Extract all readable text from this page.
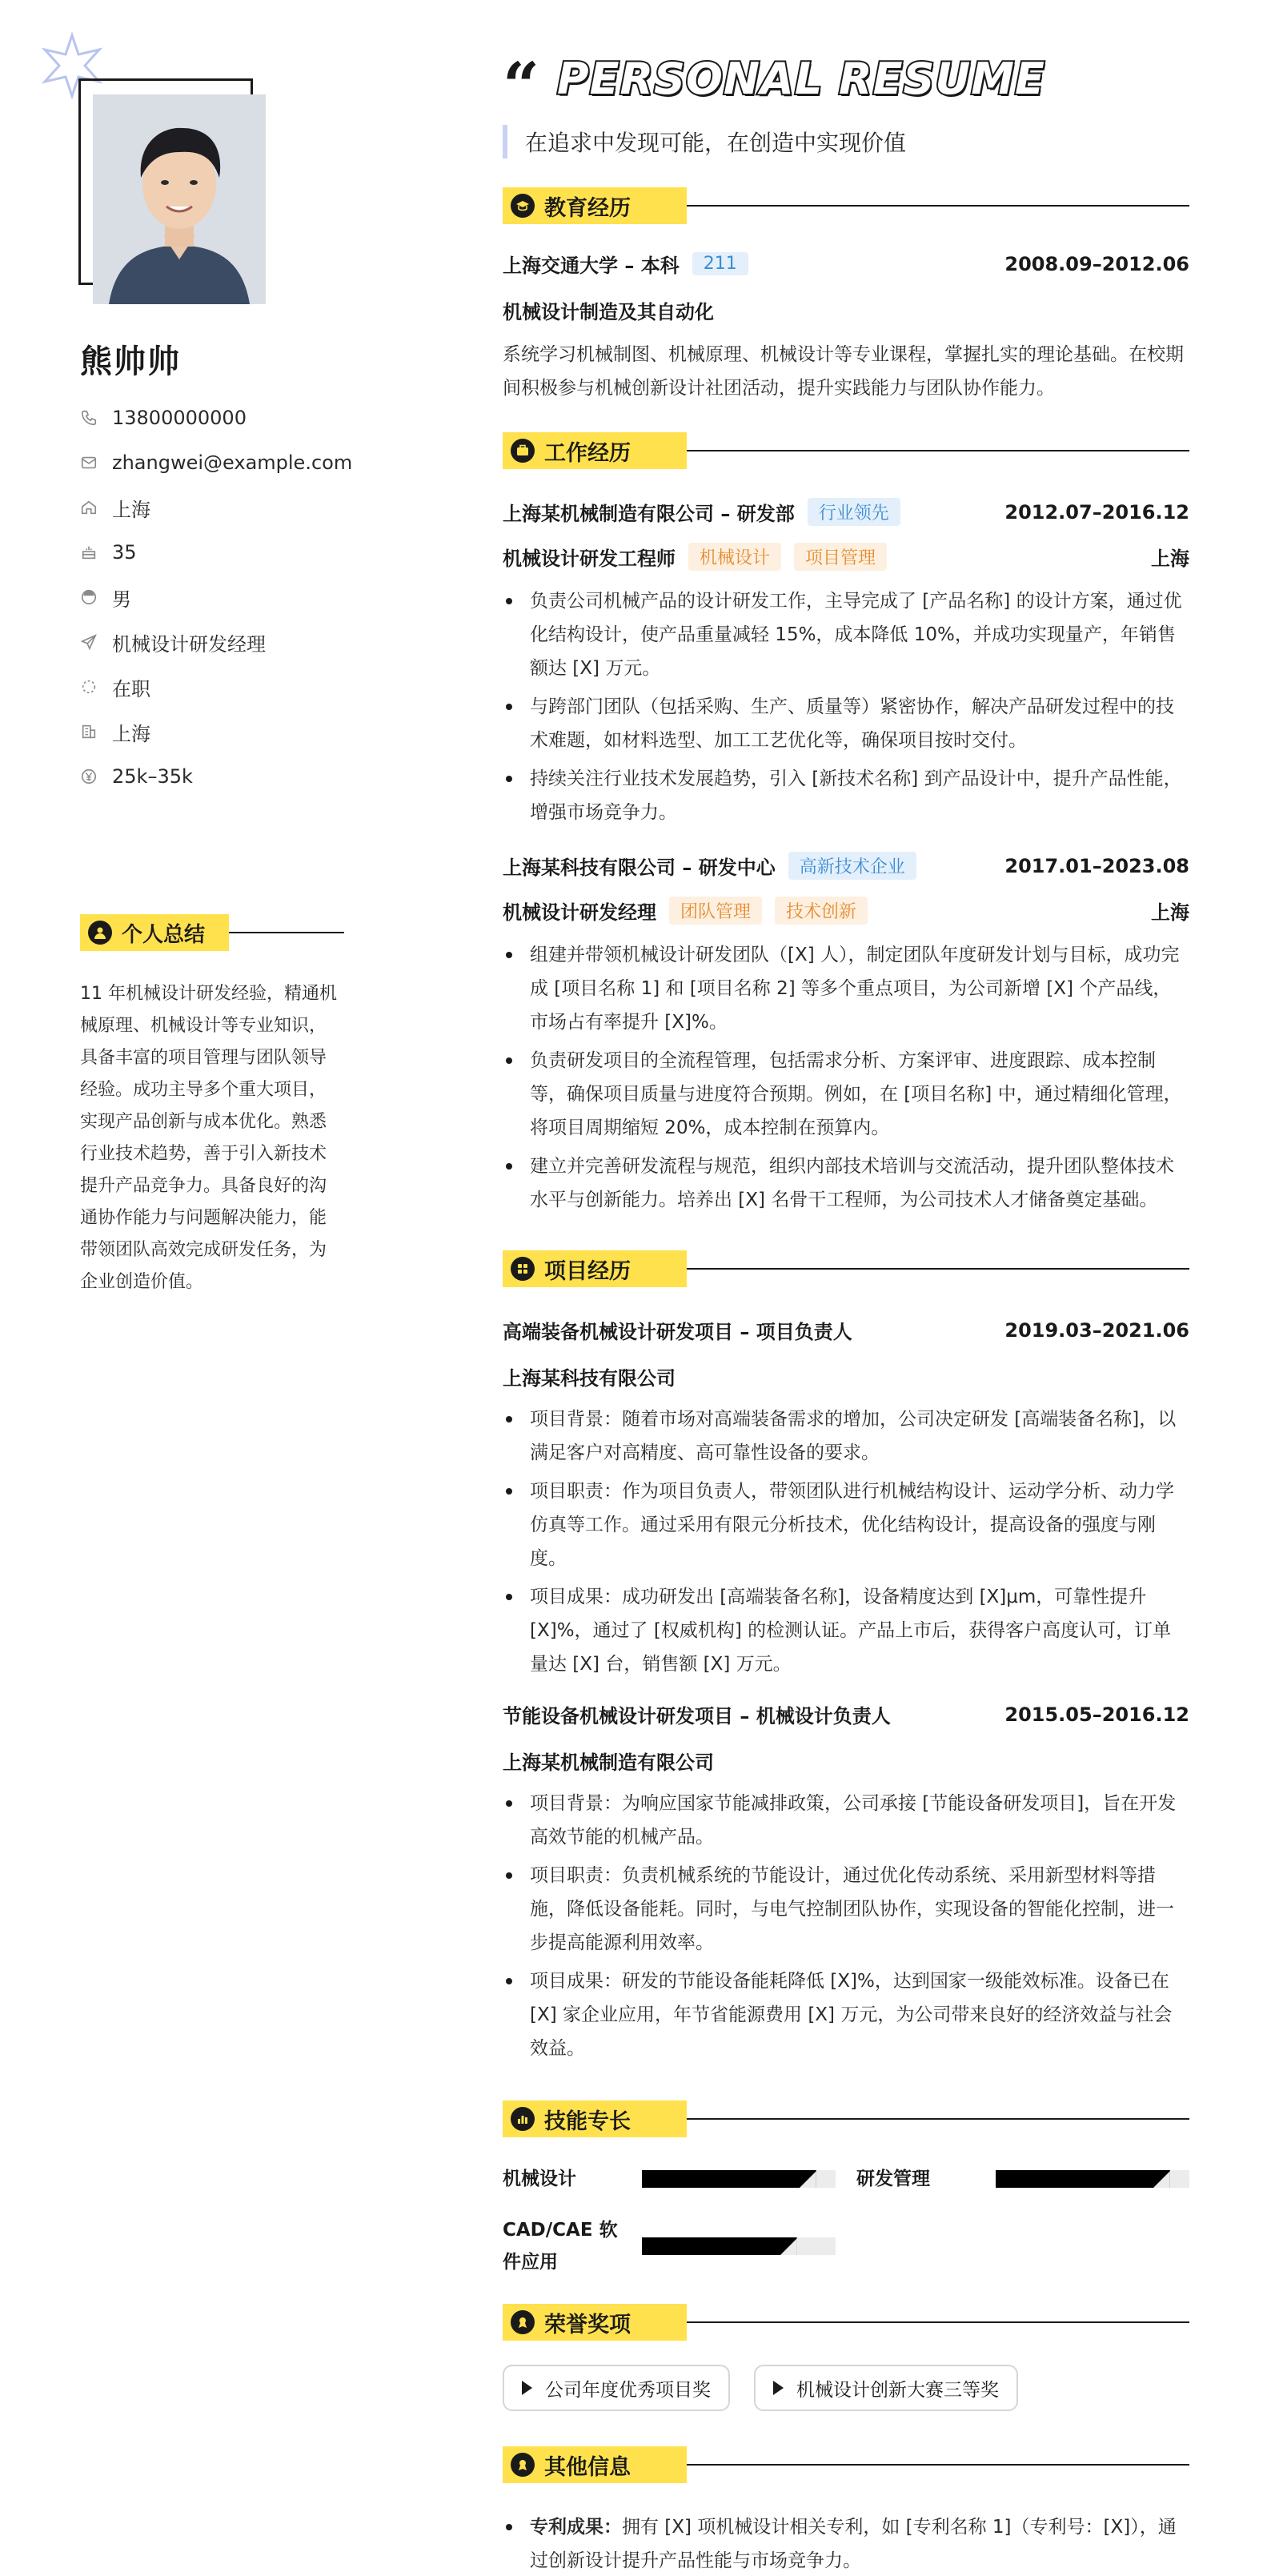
熊帅帅
13800000000
zhangwei@example.com
上海
35
男
机械设计研发经理
在职
上海
25k–35k
个人总结
11 年机械设计研发经验，精通机械原理、机械设计等专业知识，具备丰富的项目管理与团队领导经验。成功主导多个重大项目，实现产品创新与成本优化。熟悉行业技术趋势，善于引入新技术提升产品竞争力。具备良好的沟通协作能力与问题解决能力，能带领团队高效完成研发任务，为企业创造价值。
“ PERSONAL RESUME
在追求中发现可能，在创造中实现价值
教育经历
上海交通大学 – 本科	211	2008.09–2012.06
机械设计制造及其自动化
系统学习机械制图、机械原理、机械设计等专业课程，掌握扎实的理论基础。在校期间积极参与机械创新设计社团活动，提升实践能力与团队协作能力。
工作经历
上海某机械制造有限公司 – 研发部	行业领先	2012.07–2016.12
机械设计研发工程师	机械设计	项目管理	上海
负责公司机械产品的设计研发工作，主导完成了 [产品名称] 的设计方案，通过优化结构设计，使产品重量减轻 15%，成本降低 10%，并成功实现量产，年销售额达 [X] 万元。
与跨部门团队（包括采购、生产、质量等）紧密协作，解决产品研发过程中的技术难题，如材料选型、加工工艺优化等，确保项目按时交付。
持续关注行业技术发展趋势，引入 [新技术名称] 到产品设计中，提升产品性能，增强市场竞争力。
上海某科技有限公司 – 研发中心	高新技术企业	2017.01–2023.08
机械设计研发经理	团队管理	技术创新	上海
组建并带领机械设计研发团队（[X] 人），制定团队年度研发计划与目标，成功完成 [项目名称 1] 和 [项目名称 2] 等多个重点项目，为公司新增 [X] 个产品线，市场占有率提升 [X]%。
负责研发项目的全流程管理，包括需求分析、方案评审、进度跟踪、成本控制等，确保项目质量与进度符合预期。例如，在 [项目名称] 中，通过精细化管理，将项目周期缩短 20%，成本控制在预算内。
建立并完善研发流程与规范，组织内部技术培训与交流活动，提升团队整体技术水平与创新能力。培养出 [X] 名骨干工程师，为公司技术人才储备奠定基础。
项目经历
高端装备机械设计研发项目 – 项目负责人	2019.03–2021.06
上海某科技有限公司
项目背景：随着市场对高端装备需求的增加，公司决定研发 [高端装备名称]，以满足客户对高精度、高可靠性设备的要求。
项目职责：作为项目负责人，带领团队进行机械结构设计、运动学分析、动力学仿真等工作。通过采用有限元分析技术，优化结构设计，提高设备的强度与刚度。
项目成果：成功研发出 [高端装备名称]，设备精度达到 [X]μm，可靠性提升 [X]%，通过了 [权威机构] 的检测认证。产品上市后，获得客户高度认可，订单量达 [X] 台，销售额 [X] 万元。
节能设备机械设计研发项目 – 机械设计负责人	2015.05–2016.12
上海某机械制造有限公司
项目背景：为响应国家节能减排政策，公司承接 [节能设备研发项目]，旨在开发高效节能的机械产品。
项目职责：负责机械系统的节能设计，通过优化传动系统、采用新型材料等措施，降低设备能耗。同时，与电气控制团队协作，实现设备的智能化控制，进一步提高能源利用效率。
项目成果：研发的节能设备能耗降低 [X]%，达到国家一级能效标准。设备已在 [X] 家企业应用，年节省能源费用 [X] 万元，为公司带来良好的经济效益与社会效益。
技能专长
机械设计	研发管理
CAD/CAE 软件应用
荣誉奖项
公司年度优秀项目奖	机械设计创新大赛三等奖
其他信息
专利成果：拥有 [X] 项机械设计相关专利，如 [专利名称 1]（专利号：[X]），通过创新设计提升产品性能与市场竞争力。
